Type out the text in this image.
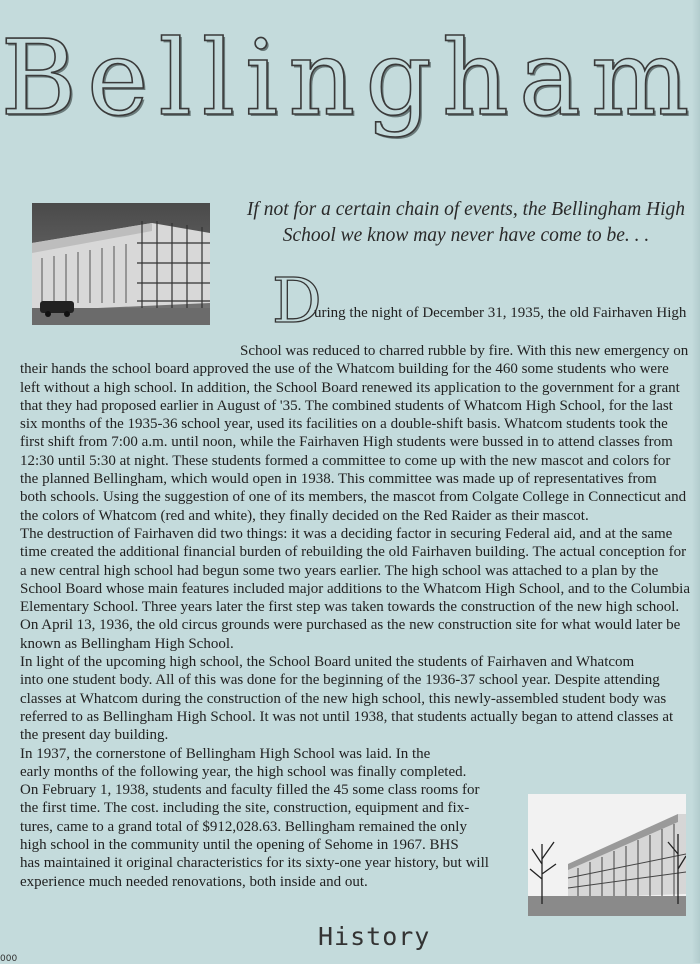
Bellingham
If not for a certain chain of events, the Bellingham High School we know may never have come to be. . .
D
uring the night of December 31, 1935, the old Fairhaven High
School was reduced to charred rubble by fire. With this new emergency on
their hands the school board approved the use of the Whatcom building for the 460 some students who were
left without a high school. In addition, the School Board renewed its application to the government for a grant
that they had proposed earlier in August of '35. The combined students of Whatcom High School, for the last
six months of the 1935-36 school year, used its facilities on a double-shift basis. Whatcom students took the
first shift from 7:00 a.m. until noon, while the Fairhaven High students were bussed in to attend classes from
12:30 until 5:30 at night. These students formed a committee to come up with the new mascot and colors for
the planned Bellingham, which would open in 1938. This committee was made up of representatives from
both schools. Using the suggestion of one of its members, the mascot from Colgate College in Connecticut and
the colors of Whatcom (red and white), they finally decided on the Red Raider as their mascot.
The destruction of Fairhaven did two things: it was a deciding factor in securing Federal aid, and at the same
time created the additional financial burden of rebuilding the old Fairhaven building. The actual conception for
a new central high school had begun some two years earlier. The high school was attached to a plan by the
School Board whose main features included major additions to the Whatcom High School, and to the Columbia
Elementary School. Three years later the first step was taken towards the construction of the new high school.
On April 13, 1936, the old circus grounds were purchased as the new construction site for what would later be
known as Bellingham High School.
In light of the upcoming high school, the School Board united the students of Fairhaven and Whatcom
into one student body. All of this was done for the beginning of the 1936-37 school year. Despite attending
classes at Whatcom during the construction of the new high school, this newly-assembled student body was
referred to as Bellingham High School. It was not until 1938, that students actually began to attend classes at
the present day building.
In 1937, the cornerstone of Bellingham High School was laid. In the
early months of the following year, the high school was finally completed.
On February 1, 1938, students and faculty filled the 45 some class rooms for
the first time. The cost. including the site, construction, equipment and fix-
tures, came to a grand total of $912,028.63. Bellingham remained the only
high school in the community until the opening of Sehome in 1967. BHS
has maintained it original characteristics for its sixty-one year history, but will
experience much needed renovations, both inside and out.
History
000
